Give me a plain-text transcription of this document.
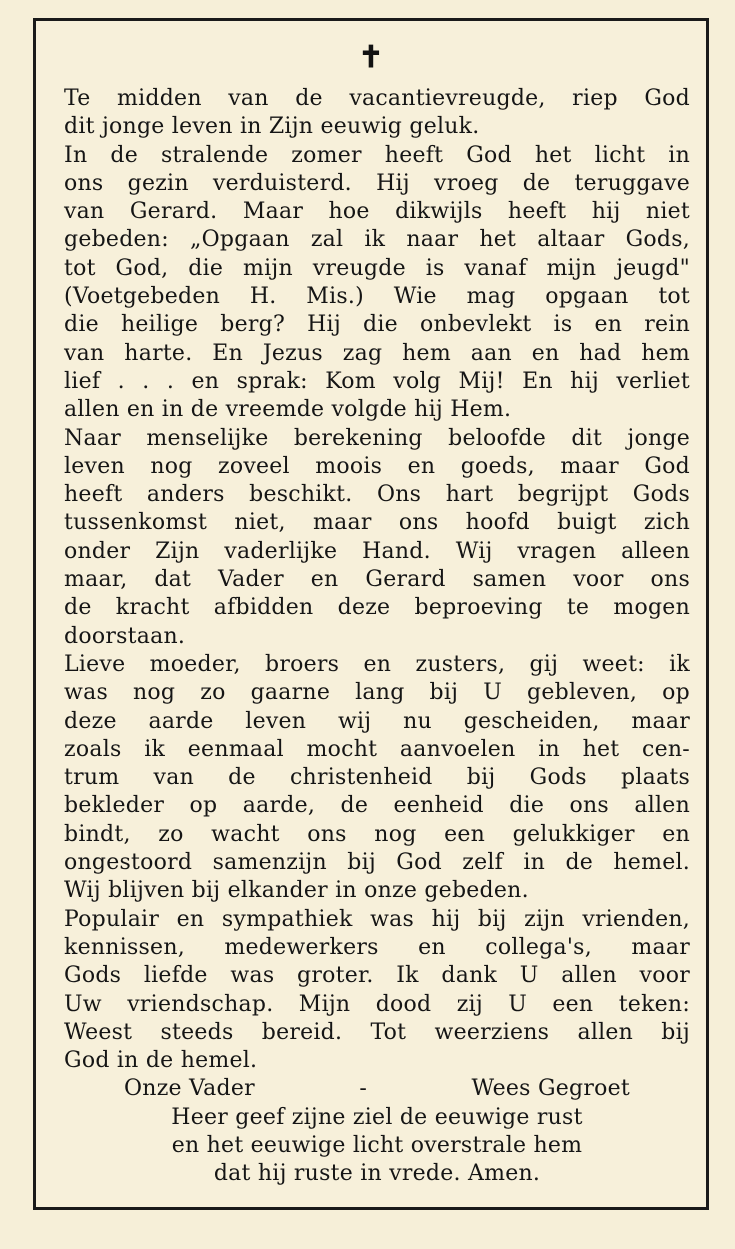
✝
Te midden van de vacantievreugde, riep God
dit jonge leven in Zijn eeuwig geluk.
In de stralende zomer heeft God het licht in
ons gezin verduisterd. Hij vroeg de teruggave
van Gerard. Maar hoe dikwijls heeft hij niet
gebeden: „Opgaan zal ik naar het altaar Gods,
tot God, die mijn vreugde is vanaf mijn jeugd"
(Voetgebeden H. Mis.) Wie mag opgaan tot
die heilige berg? Hij die onbevlekt is en rein
van harte. En Jezus zag hem aan en had hem
lief . . . en sprak: Kom volg Mij! En hij verliet
allen en in de vreemde volgde hij Hem.
Naar menselijke berekening beloofde dit jonge
leven nog zoveel moois en goeds, maar God
heeft anders beschikt. Ons hart begrijpt Gods
tussenkomst niet, maar ons hoofd buigt zich
onder Zijn vaderlijke Hand. Wij vragen alleen
maar, dat Vader en Gerard samen voor ons
de kracht afbidden deze beproeving te mogen
doorstaan.
Lieve moeder, broers en zusters, gij weet: ik
was nog zo gaarne lang bij U gebleven, op
deze aarde leven wij nu gescheiden, maar
zoals ik eenmaal mocht aanvoelen in het cen-
trum van de christenheid bij Gods plaats
bekleder op aarde, de eenheid die ons allen
bindt, zo wacht ons nog een gelukkiger en
ongestoord samenzijn bij God zelf in de hemel.
Wij blijven bij elkander in onze gebeden.
Populair en sympathiek was hij bij zijn vrienden,
kennissen, medewerkers en collega's, maar
Gods liefde was groter. Ik dank U allen voor
Uw vriendschap. Mijn dood zij U een teken:
Weest steeds bereid. Tot weerziens allen bij
God in de hemel.
Onze Vader	-	Wees Gegroet
Heer geef zijne ziel de eeuwige rust
en het eeuwige licht overstrale hem
dat hij ruste in vrede. Amen.
